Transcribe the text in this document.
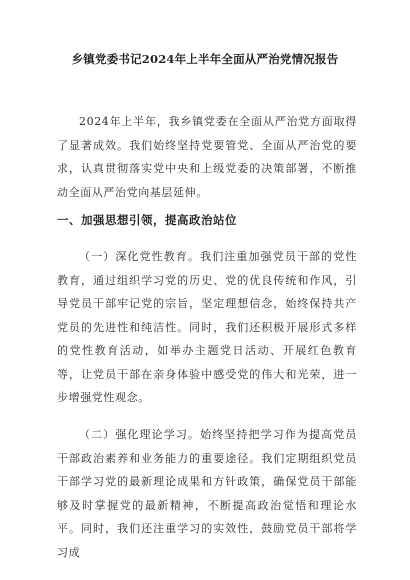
乡镇党委书记2024年上半年全面从严治党情况报告

2024年上半年，我乡镇党委在全面从严治党方面取得了显著成效。我们始终坚持党要管党、全面从严治党的要求，认真贯彻落实党中央和上级党委的决策部署，不断推动全面从严治党向基层延伸。

一、加强思想引领，提高政治站位

（一）深化党性教育。我们注重加强党员干部的党性教育，通过组织学习党的历史、党的优良传统和作风，引导党员干部牢记党的宗旨，坚定理想信念，始终保持共产党员的先进性和纯洁性。同时，我们还积极开展形式多样的党性教育活动，如举办主题党日活动、开展红色教育等，让党员干部在亲身体验中感受党的伟大和光荣，进一步增强党性观念。

（二）强化理论学习。始终坚持把学习作为提高党员干部政治素养和业务能力的重要途径。我们定期组织党员干部学习党的最新理论成果和方针政策，确保党员干部能够及时掌握党的最新精神，不断提高政治觉悟和理论水平。同时，我们还注重学习的实效性，鼓励党员干部将学习成
